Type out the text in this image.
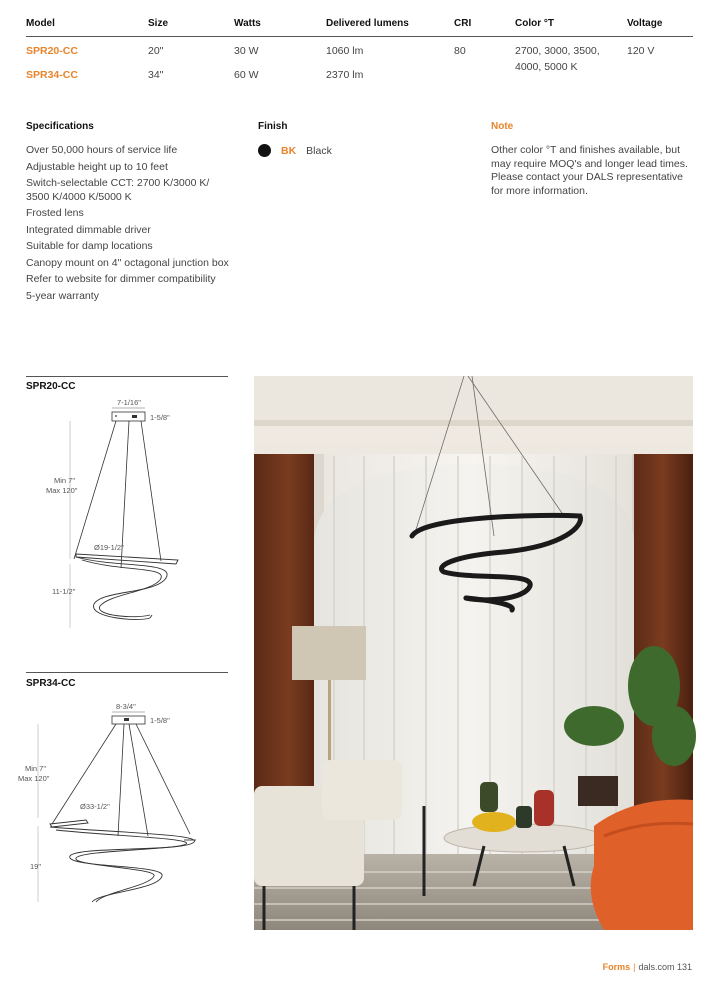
Model	Size	Watts	Delivered lumens	CRI	Color °T	Voltage
SPR20-CC	20"	30 W	1060 lm	80	2700, 3000, 3500, 4000, 5000 K	120 V
SPR34-CC	34"	60 W	2370 lm			
Specifications	Finish	Note
Over 50,000 hours of service life
Adjustable height up to 10 feet
Switch-selectable CCT: 2700 K/3000 K/ 3500 K/4000 K/5000 K
Frosted lens
Integrated dimmable driver
Suitable for damp locations
Canopy mount on 4" octagonal junction box
Refer to website for dimmer compatibility
5-year warranty
BK Black	Other color °T and finishes available, but may require MOQ's and longer lead times. Please contact your DALS representative for more information.
SPR20-CC
7-1/16"
1-5/8"
Min 7"
Max 120"
Ø19-1/2"
11-1/2"
SPR34-CC
8-3/4"
1-5/8"
Min 7"
Max 120"
Ø33-1/2"
19"
Forms | dals.com 131
